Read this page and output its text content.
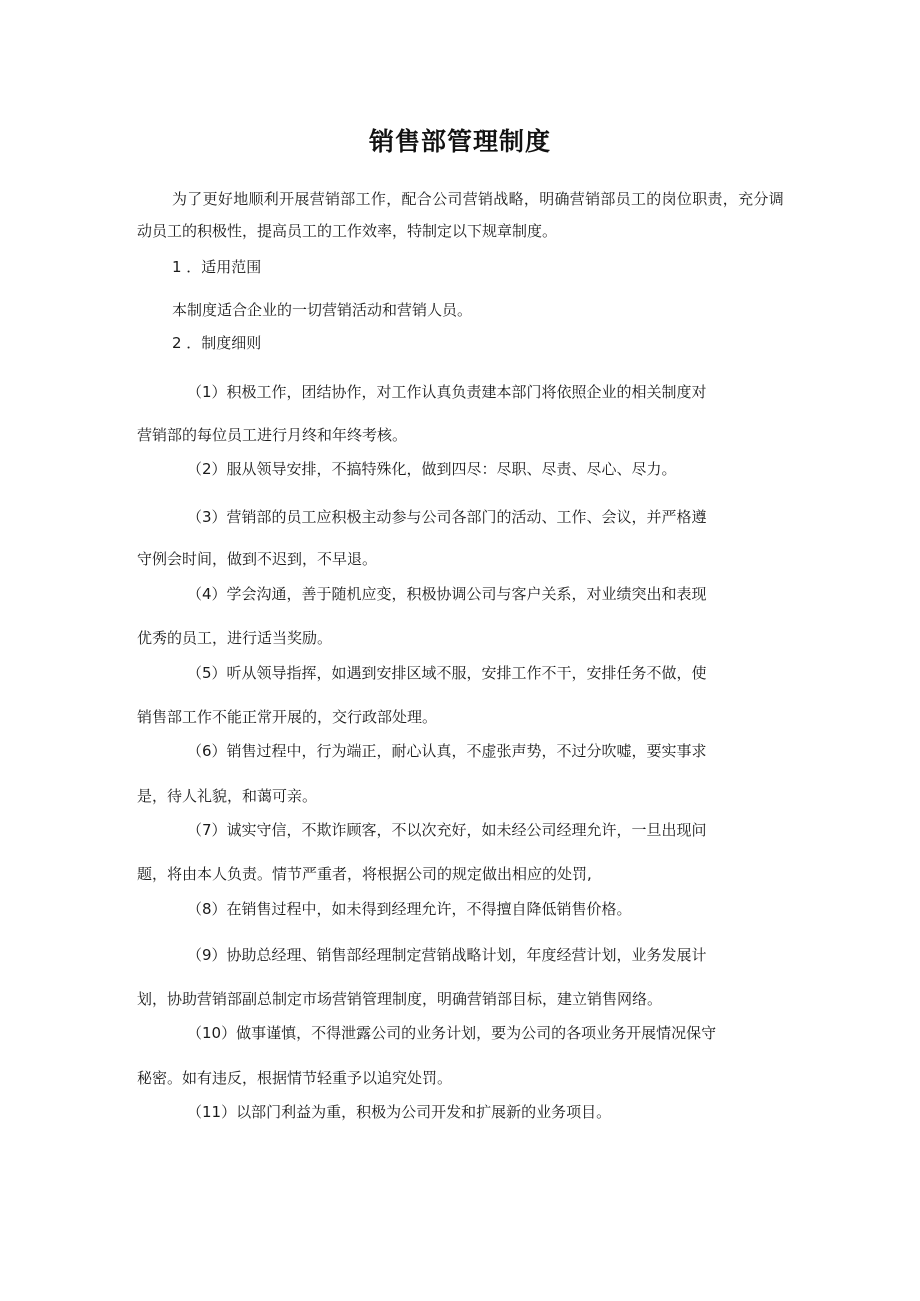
销售部管理制度
为了更好地顺利开展营销部工作，配合公司营销战略，明确营销部员工的岗位职责，充分调
动员工的积极性，提高员工的工作效率，特制定以下规章制度。
1 ．适用范围
本制度适合企业的一切营销活动和营销人员。
2 ．制度细则
（1）积极工作，团结协作，对工作认真负责建本部门将依照企业的相关制度对
营销部的每位员工进行月终和年终考核。
（2）服从领导安排，不搞特殊化，做到四尽：尽职、尽责、尽心、尽力。
（3）营销部的员工应积极主动参与公司各部门的活动、工作、会议，并严格遵
守例会时间，做到不迟到，不早退。
（4）学会沟通，善于随机应变，积极协调公司与客户关系，对业绩突出和表现
优秀的员工，进行适当奖励。
（5）听从领导指挥，如遇到安排区域不服，安排工作不干，安排任务不做，使
销售部工作不能正常开展的，交行政部处理。
（6）销售过程中，行为端正，耐心认真，不虚张声势，不过分吹嘘，要实事求
是，待人礼貌，和蔼可亲。
（7）诚实守信，不欺诈顾客，不以次充好，如未经公司经理允许，一旦出现问
题，将由本人负责。情节严重者，将根据公司的规定做出相应的处罚,
（8）在销售过程中，如未得到经理允许，不得擅自降低销售价格。
（9）协助总经理、销售部经理制定营销战略计划，年度经营计划，业务发展计
划，协助营销部副总制定市场营销管理制度，明确营销部目标，建立销售网络。
（10）做事谨慎，不得泄露公司的业务计划，要为公司的各项业务开展情况保守
秘密。如有违反，根据情节轻重予以追究处罚。
（11）以部门利益为重，积极为公司开发和扩展新的业务项目。
